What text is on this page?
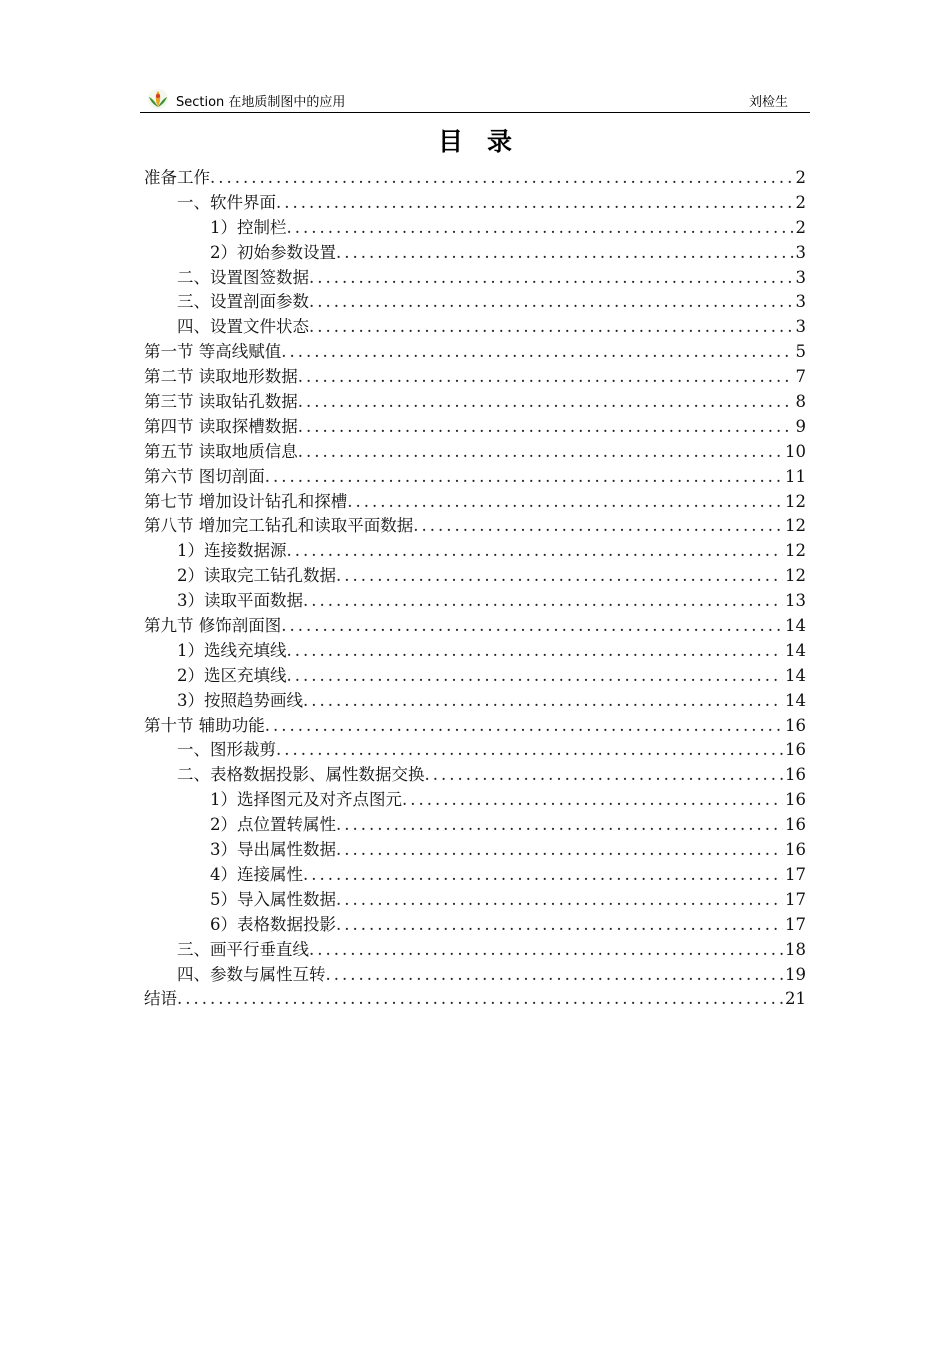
Section 在地质制图中的应用	刘检生
目录
准备工作 .....	2
一、软件界面 .....	2
1）控制栏 .....	2
2）初始参数设置 .....	3
二、设置图签数据 .....	3
三、设置剖面参数 .....	3
四、设置文件状态 .....	3
第一节 等高线赋值 .....	5
第二节 读取地形数据 .....	7
第三节 读取钻孔数据 .....	8
第四节 读取探槽数据 .....	9
第五节 读取地质信息 .....	10
第六节 图切剖面 .....	11
第七节 增加设计钻孔和探槽 .....	12
第八节 增加完工钻孔和读取平面数据 .....	12
1）连接数据源 .....	12
2）读取完工钻孔数据 .....	12
3）读取平面数据 .....	13
第九节 修饰剖面图 .....	14
1）选线充填线 .....	14
2）选区充填线 .....	14
3）按照趋势画线 .....	14
第十节 辅助功能 .....	16
一、图形裁剪 .....	16
二、表格数据投影、属性数据交换 .....	16
1）选择图元及对齐点图元 .....	16
2）点位置转属性 .....	16
3）导出属性数据 .....	16
4）连接属性 .....	17
5）导入属性数据 .....	17
6）表格数据投影 .....	17
三、画平行垂直线 .....	18
四、参数与属性互转 .....	19
结语 .....	21
